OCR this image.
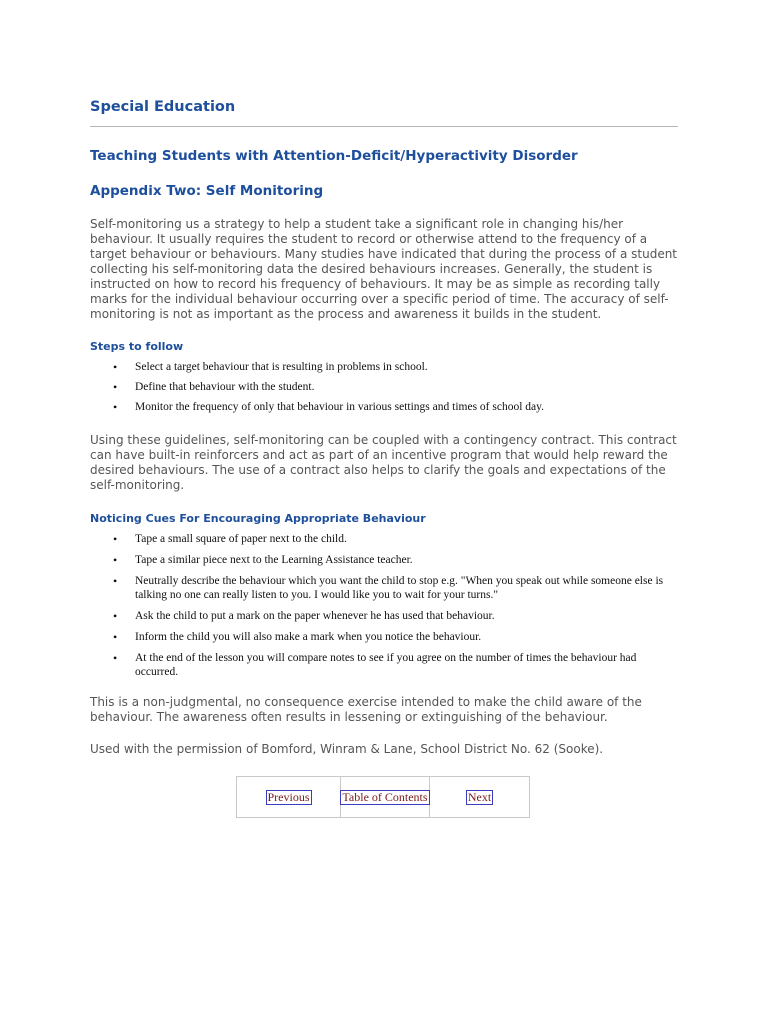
Special Education
Teaching Students with Attention-Deficit/Hyperactivity Disorder
Appendix Two: Self Monitoring

Self-monitoring us a strategy to help a student take a significant role in changing his/her behaviour. It usually requires the student to record or otherwise attend to the frequency of a target behaviour or behaviours. Many studies have indicated that during the process of a student collecting his self-monitoring data the desired behaviours increases. Generally, the student is instructed on how to record his frequency of behaviours. It may be as simple as recording tally marks for the individual behaviour occurring over a specific period of time. The accuracy of self-monitoring is not as important as the process and awareness it builds in the student.

Steps to follow
• Select a target behaviour that is resulting in problems in school.
• Define that behaviour with the student.
• Monitor the frequency of only that behaviour in various settings and times of school day.

Using these guidelines, self-monitoring can be coupled with a contingency contract. This contract can have built-in reinforcers and act as part of an incentive program that would help reward the desired behaviours. The use of a contract also helps to clarify the goals and expectations of the self-monitoring.

Noticing Cues For Encouraging Appropriate Behaviour
• Tape a small square of paper next to the child.
• Tape a similar piece next to the Learning Assistance teacher.
• Neutrally describe the behaviour which you want the child to stop e.g. "When you speak out while someone else is talking no one can really listen to you. I would like you to wait for your turns."
• Ask the child to put a mark on the paper whenever he has used that behaviour.
• Inform the child you will also make a mark when you notice the behaviour.
• At the end of the lesson you will compare notes to see if you agree on the number of times the behaviour had occurred.

This is a non-judgmental, no consequence exercise intended to make the child aware of the behaviour. The awareness often results in lessening or extinguishing of the behaviour.

Used with the permission of Bomford, Winram & Lane, School District No. 62 (Sooke).

Previous	Table of Contents	Next
